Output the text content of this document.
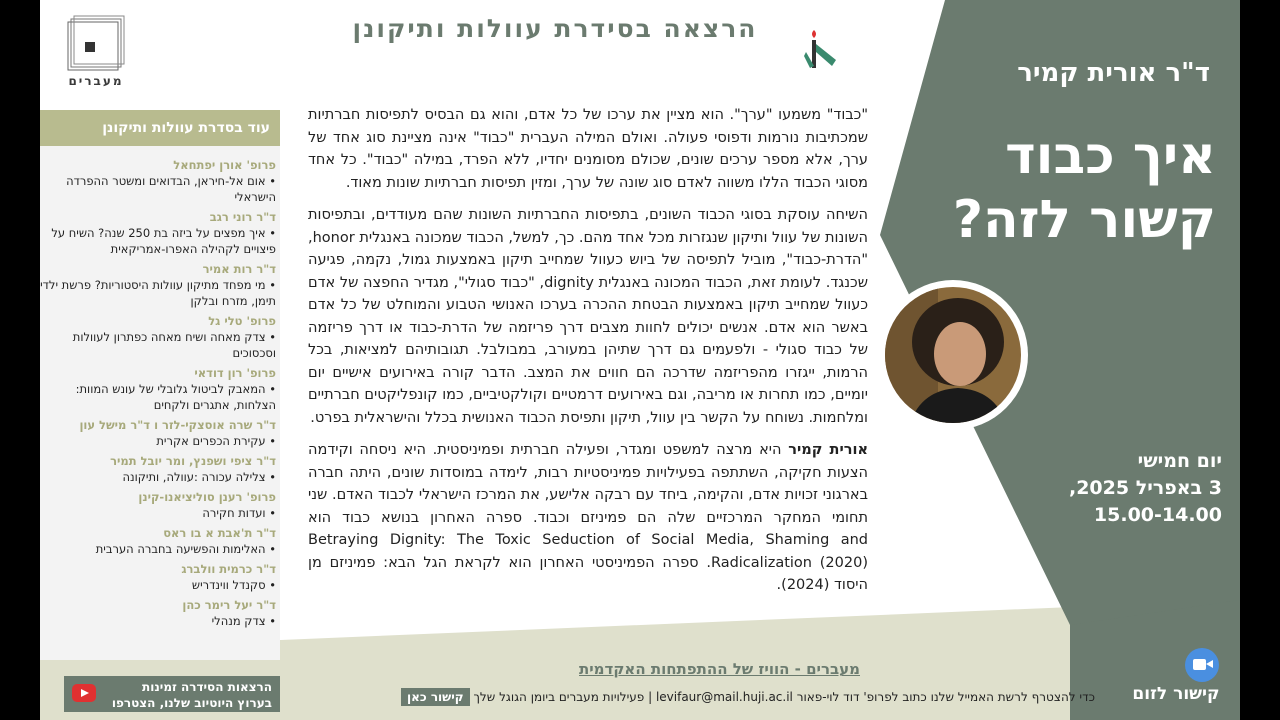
מעברים
הרצאה בסידרת עוולות ותיקונן
עוד בסדרת עוולות ותיקונן
פרופ' אורן יפתחאל
• אום אל-חיראן, הבדואים ומשטר ההפרדה הישראלי
ד"ר רוני רגב
• איך מפצים על ביזה בת 250 שנה? השיח על פיצויים לקהילה האפרו-אמריקאית
ד"ר רות אמיר
• מי מפחד מתיקון עוולות היסטוריות? פרשת ילדי תימן, מזרח ובלקן
פרופ' טלי גל
• צדק מאחה ושיח מאחה כפתרון לעוולות וסכסוכים
פרופ' רון דודאי
• המאבק לביטול גלובלי של עונש המוות: הצלחות, אתגרים ולקחים
ד"ר שרה אוסצקי-לזר ו ד"ר מישל עון
• עקירת הכפרים אקרית
ד"ר ציפי ושפנץ, ומר יובל תמיר
• צלילה עכורה :עוולה, ותיקונה
פרופ' רענן סוליציאנו-קינן
• ועדות חקירה
ד"ר ת'אבת א בו ראס
• האלימות והפשיעה בחברה הערבית
ד"ר כרמית וולברג
• סקנדל ווינדריש
ד"ר יעל רימר כהן
• צדק מנהלי

"כבוד" משמעו "ערך". הוא מציין את ערכו של כל אדם, והוא גם הבסיס לתפיסות חברתיות שמכתיבות נורמות ודפוסי פעולה. ואולם המילה העברית "כבוד" אינה מציינת סוג אחד של ערך, אלא מספר ערכים שונים, שכולם מסומנים יחדיו, ללא הפרד, במילה "כבוד". כל אחד מסוגי הכבוד הללו משווה לאדם סוג שונה של ערך, ומזין תפיסות חברתיות שונות מאוד.

השיחה עוסקת בסוגי הכבוד השונים, בתפיסות החברתיות השונות שהם מעודדים, ובתפיסות השונות של עוול ותיקון שנגזרות מכל אחד מהם. כך, למשל, הכבוד שמכונה באנגלית honor, "הדרת-כבוד", מוביל לתפיסה של ביוש כעוול שמחייב תיקון באמצעות גמול, נקמה, פגיעה שכנגד. לעומת זאת, הכבוד המכונה באנגלית dignity, "כבוד סגולי", מגדיר החפצה של אדם כעוול שמחייב תיקון באמצעות הבטחת ההכרה בערכו האנושי הטבוע והמוחלט של כל אדם באשר הוא אדם. אנשים יכולים לחוות מצבים דרך פריזמה של הדרת-כבוד או דרך פריזמה של כבוד סגולי - ולפעמים גם דרך שתיהן במעורב, במבולבל. תגובותיהם למציאות, בכל הרמות, ייגזרו מהפריזמה שדרכה הם חווים את המצב. הדבר קורה באירועים אישיים יום יומיים, כמו תחרות או מריבה, וגם באירועים דרמטיים וקולקטיביים, כמו קונפליקטים חברתיים ומלחמות. נשוחח על הקשר בין עוול, תיקון ותפיסת הכבוד האנושית בכלל והישראלית בפרט.

אורית קמיר היא מרצה למשפט ומגדר, ופעילה חברתית ופמיניסטית. היא ניסחה וקידמה הצעות חקיקה, השתתפה בפעילויות פמיניסטיות רבות, לימדה במוסדות שונים, היתה חברה בארגוני זכויות אדם, והקימה, ביחד עם רבקה אלישע, את המרכז הישראלי לכבוד האדם. שני תחומי המחקר המרכזיים שלה הם פמיניזם וכבוד. ספרה האחרון בנושא כבוד הוא Betraying Dignity: The Toxic Seduction of Social Media, Shaming and Radicalization (2020). ספרה הפמיניסטי האחרון הוא לקראת הגל הבא: פמיניזם מן היסוד (2024).

ד"ר אורית קמיר
איך כבוד
קשור לזה?
יום חמישי
3 באפריל 2025,
15.00-14.00
מעברים - הוויז של ההתפתחות האקדמית
כדי להצטרף לרשת האמייל שלנו כתוב לפרופ' דוד לוי-פאור levifaur@mail.huji.ac.il | פעילויות מעברים ביומן הגוגל שלך קישור כאן
הרצאות הסידרה זמינות
בערוץ היוטיוב שלנו, הצטרפו	קישור לזום
